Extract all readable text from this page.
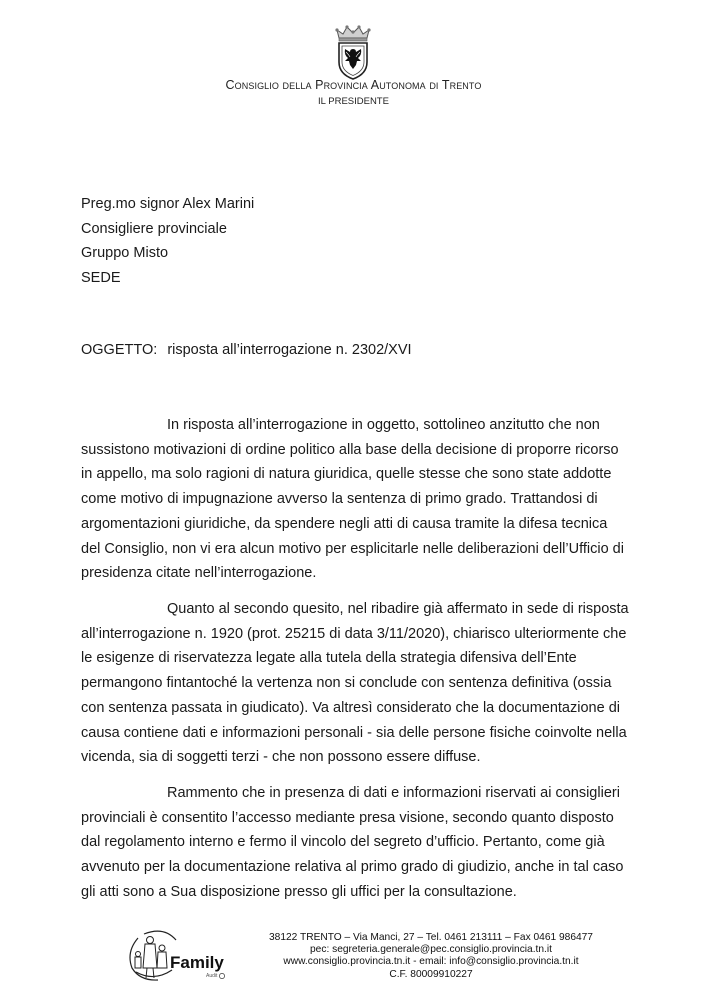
Consiglio della Provincia Autonoma di Trento
IL PRESIDENTE
Preg.mo signor Alex Marini
Consigliere provinciale
Gruppo Misto
SEDE
OGGETTO: risposta all’interrogazione n. 2302/XVI
In risposta all’interrogazione in oggetto, sottolineo anzitutto che non
sussistono motivazioni di ordine politico alla base della decisione di proporre ricorso
in appello, ma solo ragioni di natura giuridica, quelle stesse che sono state addotte
come motivo di impugnazione avverso la sentenza di primo grado. Trattandosi di
argomentazioni giuridiche, da spendere negli atti di causa tramite la difesa tecnica
del Consiglio, non vi era alcun motivo per esplicitarle nelle deliberazioni dell’Ufficio di
presidenza citate nell’interrogazione.
Quanto al secondo quesito, nel ribadire già affermato in sede di risposta
all’interrogazione n. 1920 (prot. 25215 di data 3/11/2020), chiarisco ulteriormente che
le esigenze di riservatezza legate alla tutela della strategia difensiva dell’Ente
permangono fintantoché la vertenza non si conclude con sentenza definitiva (ossia
con sentenza passata in giudicato). Va altresì considerato che la documentazione di
causa contiene dati e informazioni personali - sia delle persone fisiche coinvolte nella
vicenda, sia di soggetti terzi - che non possono essere diffuse.
Rammento che in presenza di dati e informazioni riservati ai consiglieri
provinciali è consentito l’accesso mediante presa visione, secondo quanto disposto
dal regolamento interno e fermo il vincolo del segreto d’ufficio. Pertanto, come già
avvenuto per la documentazione relativa al primo grado di giudizio, anche in tal caso
gli atti sono a Sua disposizione presso gli uffici per la consultazione.
Family
Audit
38122 TRENTO – Via Manci, 27 – Tel. 0461 213111 – Fax 0461 986477
pec: segreteria.generale@pec.consiglio.provincia.tn.it
www.consiglio.provincia.tn.it - email: info@consiglio.provincia.tn.it
C.F. 80009910227
